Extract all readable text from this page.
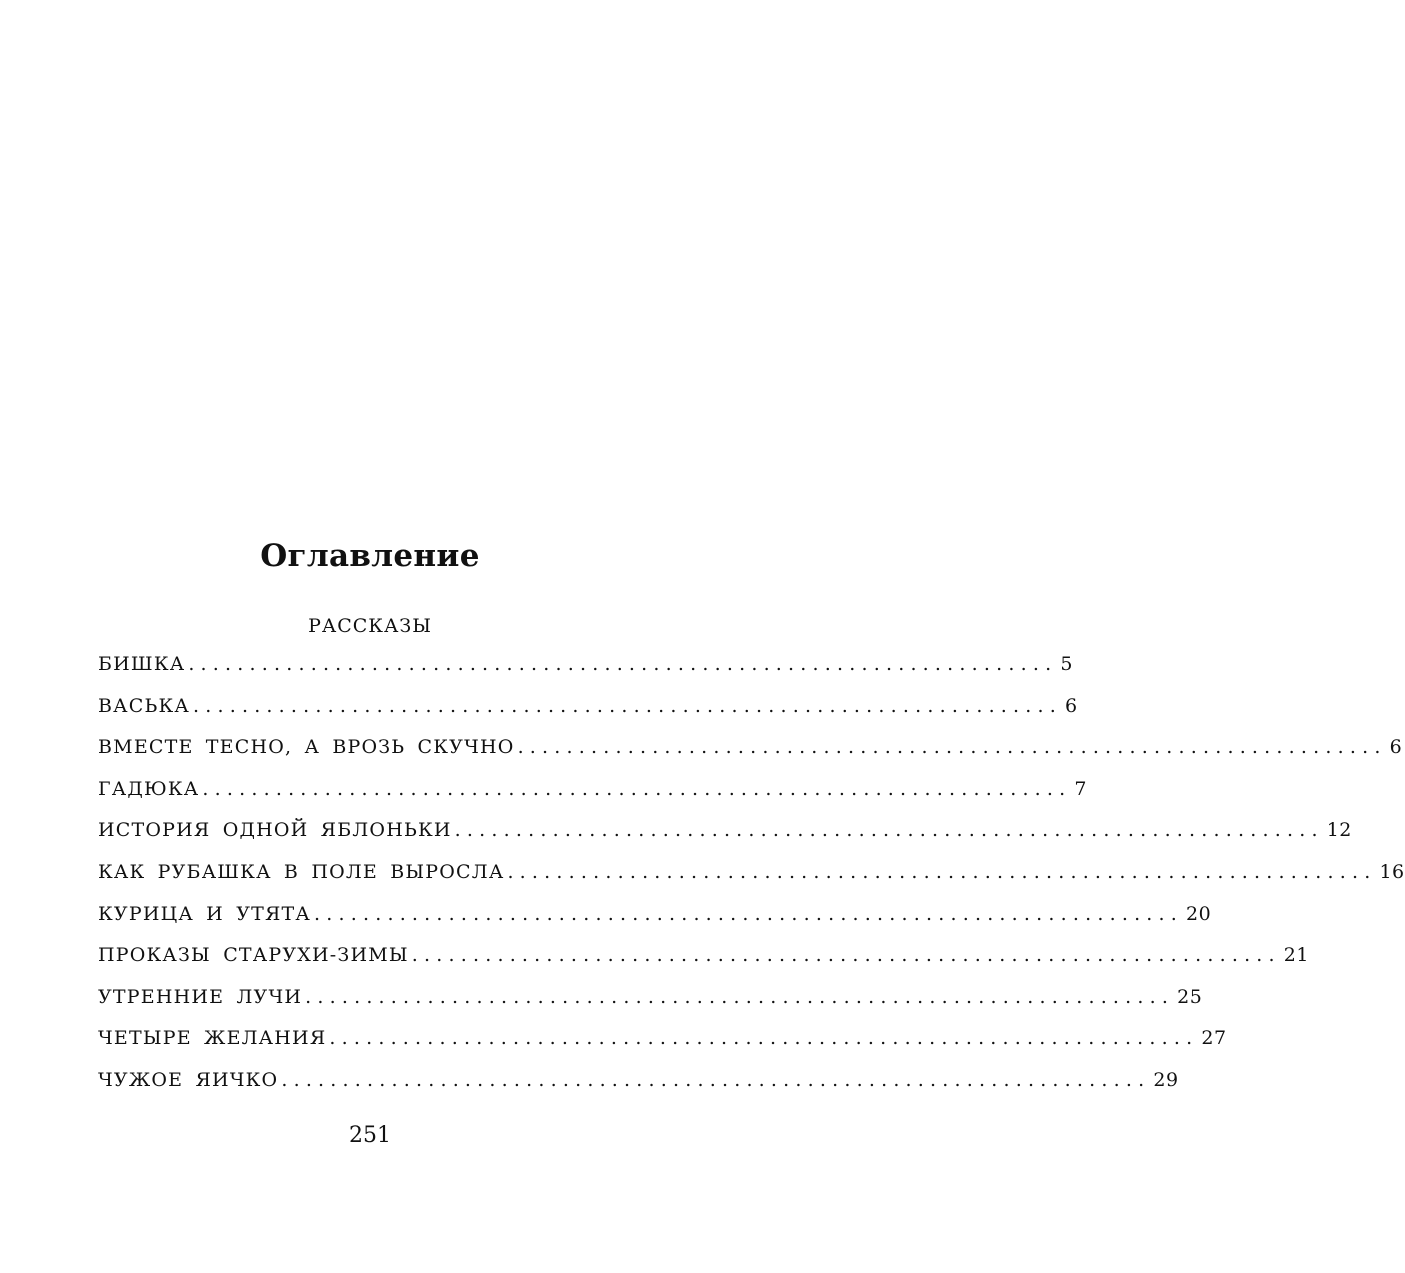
Оглавление
РАССКАЗЫ
БИШКА ....................................................................... 5
ВАСЬКА ....................................................................... 6
ВМЕСТЕ ТЕСНО, А ВРОЗЬ СКУЧНО ....................................................................... 6
ГАДЮКА ....................................................................... 7
ИСТОРИЯ ОДНОЙ ЯБЛОНЬКИ ....................................................................... 12
КАК РУБАШКА В ПОЛЕ ВЫРОСЛА ....................................................................... 16
КУРИЦА И УТЯТА ....................................................................... 20
ПРОКАЗЫ СТАРУХИ-ЗИМЫ ....................................................................... 21
УТРЕННИЕ ЛУЧИ ....................................................................... 25
ЧЕТЫРЕ ЖЕЛАНИЯ ....................................................................... 27
ЧУЖОЕ ЯИЧКО ....................................................................... 29
251
